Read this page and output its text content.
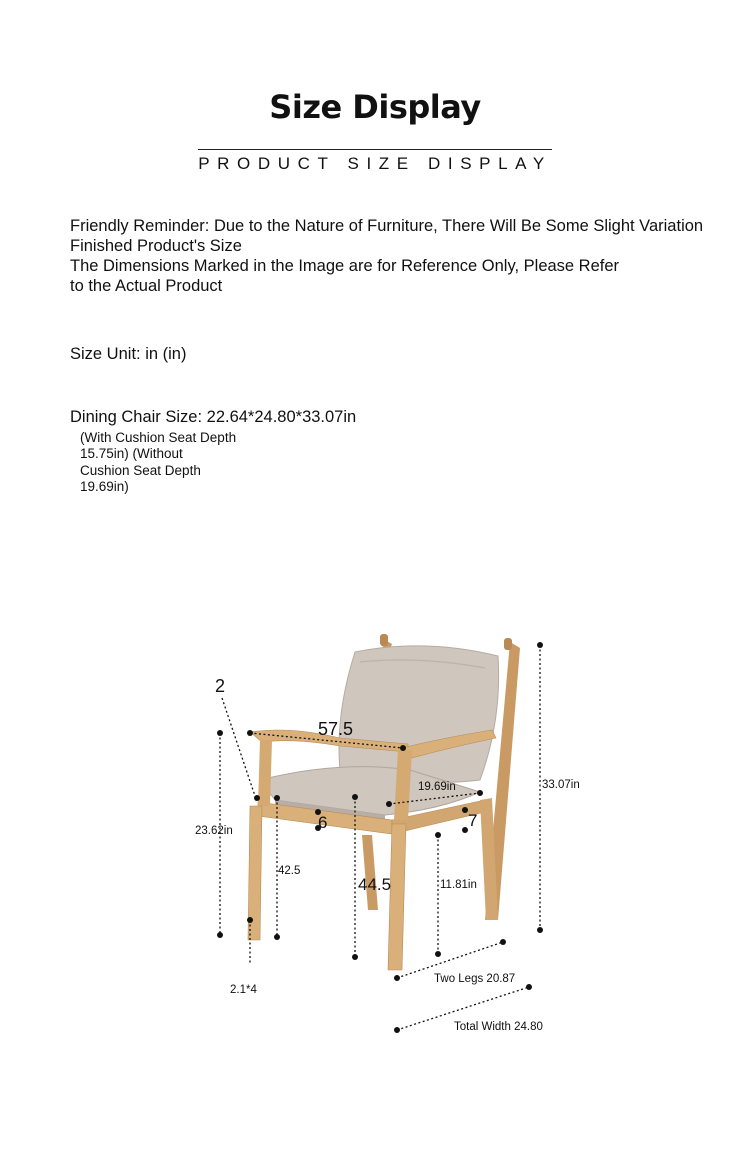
Size Display
PRODUCT SIZE DISPLAY
Friendly Reminder: Due to the Nature of Furniture, There Will Be Some Slight Variation
Finished Product's Size
The Dimensions Marked in the Image are for Reference Only, Please Refer
to the Actual Product
Size Unit: in (in)
Dining Chair Size: 22.64*24.80*33.07in
(With Cushion Seat Depth
15.75in) (Without
Cushion Seat Depth
19.69in)
2
57.5
19.69in	33.07in
23.62in	6	7
42.5
44.5	11.81in
2.1*4
Two Legs 20.87
Total Width 24.80
